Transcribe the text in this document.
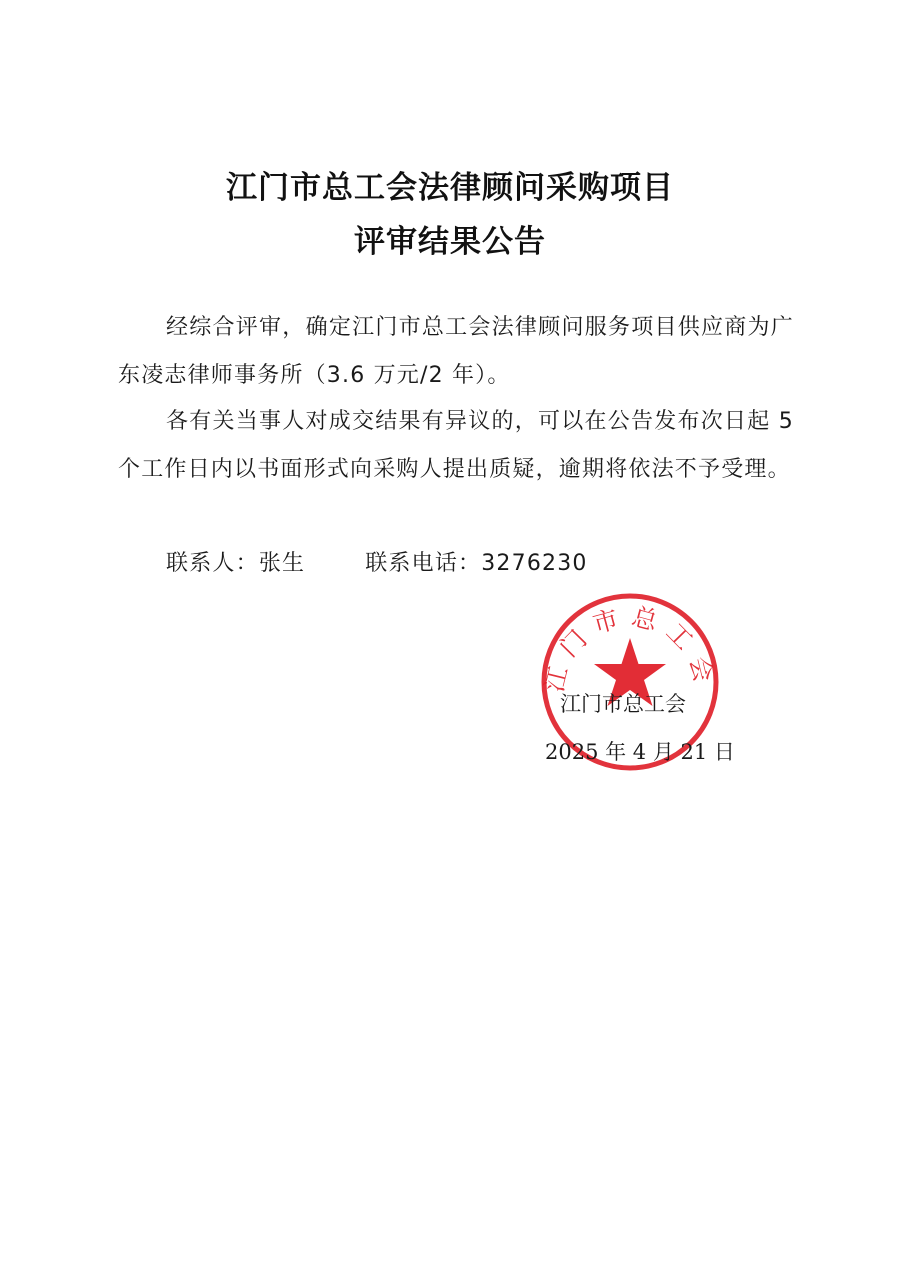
江门市总工会法律顾问采购项目
评审结果公告

经综合评审，确定江门市总工会法律顾问服务项目供应商为广东凌志律师事务所（3.6 万元/2 年）。

各有关当事人对成交结果有异议的，可以在公告发布次日起 5 个工作日内以书面形式向采购人提出质疑，逾期将依法不予受理。

联系人：张生	联系电话：3276230
江门市总工会
江门市总工会
2025 年 4 月 21 日
